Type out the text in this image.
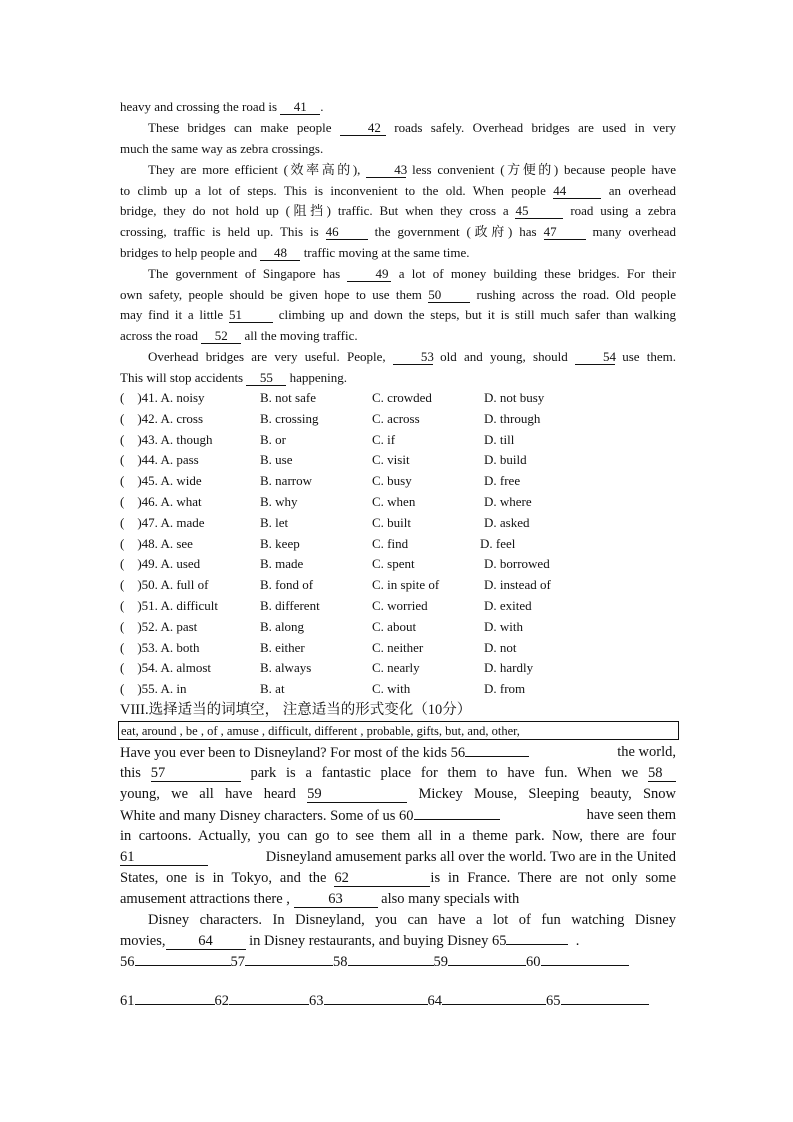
heavy and crossing the road is 41 .
These bridges can make people	42 roads safely. Overhead bridges are used in very
much the same way as zebra crossings.
They are more efficient (效率高的),	43 less convenient (方便的) because people have
to climb up a lot of steps. This is inconvenient to the old. When people 44	an overhead
bridge, they do not hold up (阻挡) traffic. But when they cross a 45	road using a zebra
crossing, traffic is held up. This is 46	the government (政府) has 47	many overhead
bridges to help people and 48 traffic moving at the same time.
The government of Singapore has	49 a lot of money building these bridges. For their
own safety, people should be given hope to use them 50	rushing across the road. Old people
may find it a little 51	climbing up and down the steps, but it is still much safer than walking
across the road 52 all the moving traffic.
Overhead bridges are very useful. People,	53 old and young, should	54 use them.
This will stop accidents 55 happening.
(    )41. A. noisy	B. not safe	C. crowded	D. not busy
(    )42. A. cross	B. crossing	C. across	D. through
(    )43. A. though	B. or	C. if	D. till
(    )44. A. pass	B. use	C. visit	D. build
(    )45. A. wide	B. narrow	C. busy	D. free
(    )46. A. what	B. why	C. when	D. where
(    )47. A. made	B. let	C. built	D. asked
(    )48. A. see	B. keep	C. find	D. feel
(    )49. A. used	B. made	C. spent	D. borrowed
(    )50. A. full of	B. fond of	C. in spite of	D. instead of
(    )51. A. difficult	B. different	C. worried	D. exited
(    )52. A. past	B. along	C. about	D. with
(    )53. A. both	B. either	C. neither	D. not
(    )54. A. almost	B. always	C. nearly	D. hardly
(    )55. A. in	B. at	C. with	D. from
VIII.选择适当的词填空， 注意适当的形式变化（10分）
eat, around , be , of , amuse , difficult, different , probable, gifts, but, and, other,
Have you ever been to Disneyland? For most of the kids 56	the world,
this 57	park is a fantastic place for them to have fun. When we 58
young, we all have heard 59	Mickey Mouse, Sleeping beauty, Snow
White and many Disney characters. Some of us 60	have seen them
in cartoons. Actually, you can go to see them all in a theme park. Now, there are four
61	Disneyland amusement parks all over the world. Two are in the United
States, one is in Tokyo, and the 62	is in France. There are not only some
amusement attractions there ,	63	also many specials with
Disney characters. In Disneyland, you can have a lot of fun watching Disney
movies, 64	in Disney restaurants, and buying Disney 65	.
56	57	58	59	60
61	62	63	64	65
